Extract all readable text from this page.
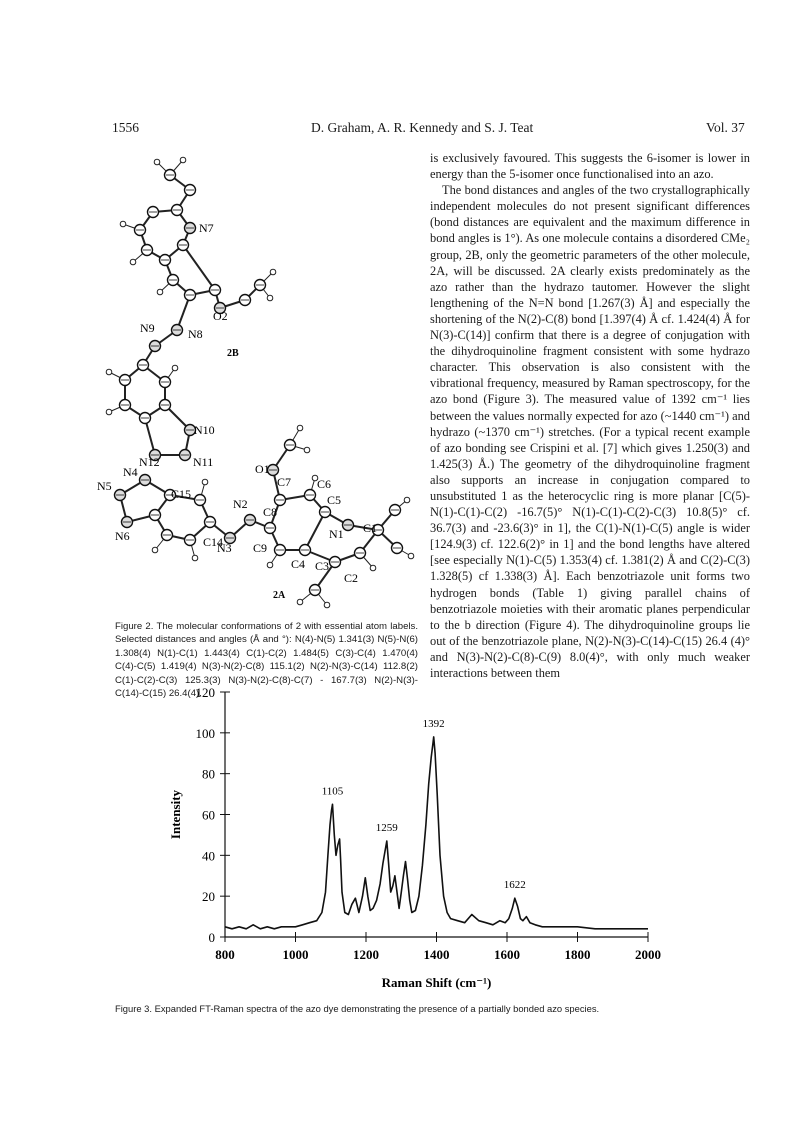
1556	D. Graham, A. R. Kennedy and S. J. Teat	Vol. 37
N7
N8
N9
O2
2B
N10
N11
N12	O1
N4
N5
N6
C15
C14
N2
N3
C8
C7 C6
C5
C9
C4
N1
C3
C2
C1
2A

is exclusively favoured. This suggests the 6-isomer is lower in energy than the 5-isomer once functionalised into an azo.

The bond distances and angles of the two crystallographically independent molecules do not present significant differences (bond distances are equivalent and the maximum difference in bond angles is 1°). As one molecule contains a disordered CMe₂ group, 2B, only the geometric parameters of the other molecule, 2A, will be discussed. 2A clearly exists predominately as the azo rather than the hydrazo tautomer. However the slight lengthening of the N=N bond [1.267(3) Å] and especially the shortening of the N(2)-C(8) bond [1.397(4) Å cf. 1.424(4) Å for N(3)-C(14)] confirm that there is a degree of conjugation with the dihydroquinoline fragment consistent with some hydrazo character. This observation is also consistent with the vibrational frequency, measured by Raman spectroscopy, for the azo bond (Figure 3). The measured value of 1392 cm⁻¹ lies between the values normally expected for azo (~1440 cm⁻¹) and hydrazo (~1370 cm⁻¹) stretches. (For a typical recent example of azo bonding see Crispini et al. [7] which gives 1.250(3) and 1.425(3) Å.) The geometry of the dihydroquinoline fragment also supports an increase in conjugation compared to unsubstituted 1 as the heterocyclic ring is more planar [C(5)-N(1)-C(1)-C(2) -16.7(5)° N(1)-C(1)-C(2)-C(3) 10.8(5)° cf. 36.7(3) and -23.6(3)° in 1], the C(1)-N(1)-C(5) angle is wider [124.9(3) cf. 122.6(2)° in 1] and the bond lengths have altered [see especially N(1)-C(5) 1.353(4) cf. 1.381(2) Å and C(2)-C(3) 1.328(5) cf 1.338(3) Å]. Each benzotriazole unit forms two hydrogen bonds (Table 1) giving parallel chains of benzotriazole moieties with their aromatic planes perpendicular to the b direction (Figure 4). The dihydroquinoline groups lie out of the benzotriazole plane, N(2)-N(3)-C(14)-C(15) 26.4 (4)° and N(3)-N(2)-C(8)-C(9) 8.0(4)°, with only much weaker interactions between them

Figure 2. The molecular conformations of 2 with essential atom labels. Selected distances and angles (Å and °): N(4)-N(5) 1.341(3) N(5)-N(6) 1.308(4) N(1)-C(1) 1.443(4) C(1)-C(2) 1.484(5) C(3)-C(4) 1.470(4) C(4)-C(5) 1.419(4) N(3)-N(2)-C(8) 115.1(2) N(2)-N(3)-C(14) 112.8(2) C(1)-C(2)-C(3) 125.3(3) N(3)-N(2)-C(8)-C(7) - 167.7(3) N(2)-N(3)-C(14)-C(15) 26.4(4).
0
20
40
60
80
100
120
800	1000	1200	1400	1600	1800	2000
Raman Shift (cm⁻¹)
Intensity	1105
1259
1392
1622
Figure 3. Expanded FT-Raman spectra of the azo dye demonstrating the presence of a partially bonded azo species.
